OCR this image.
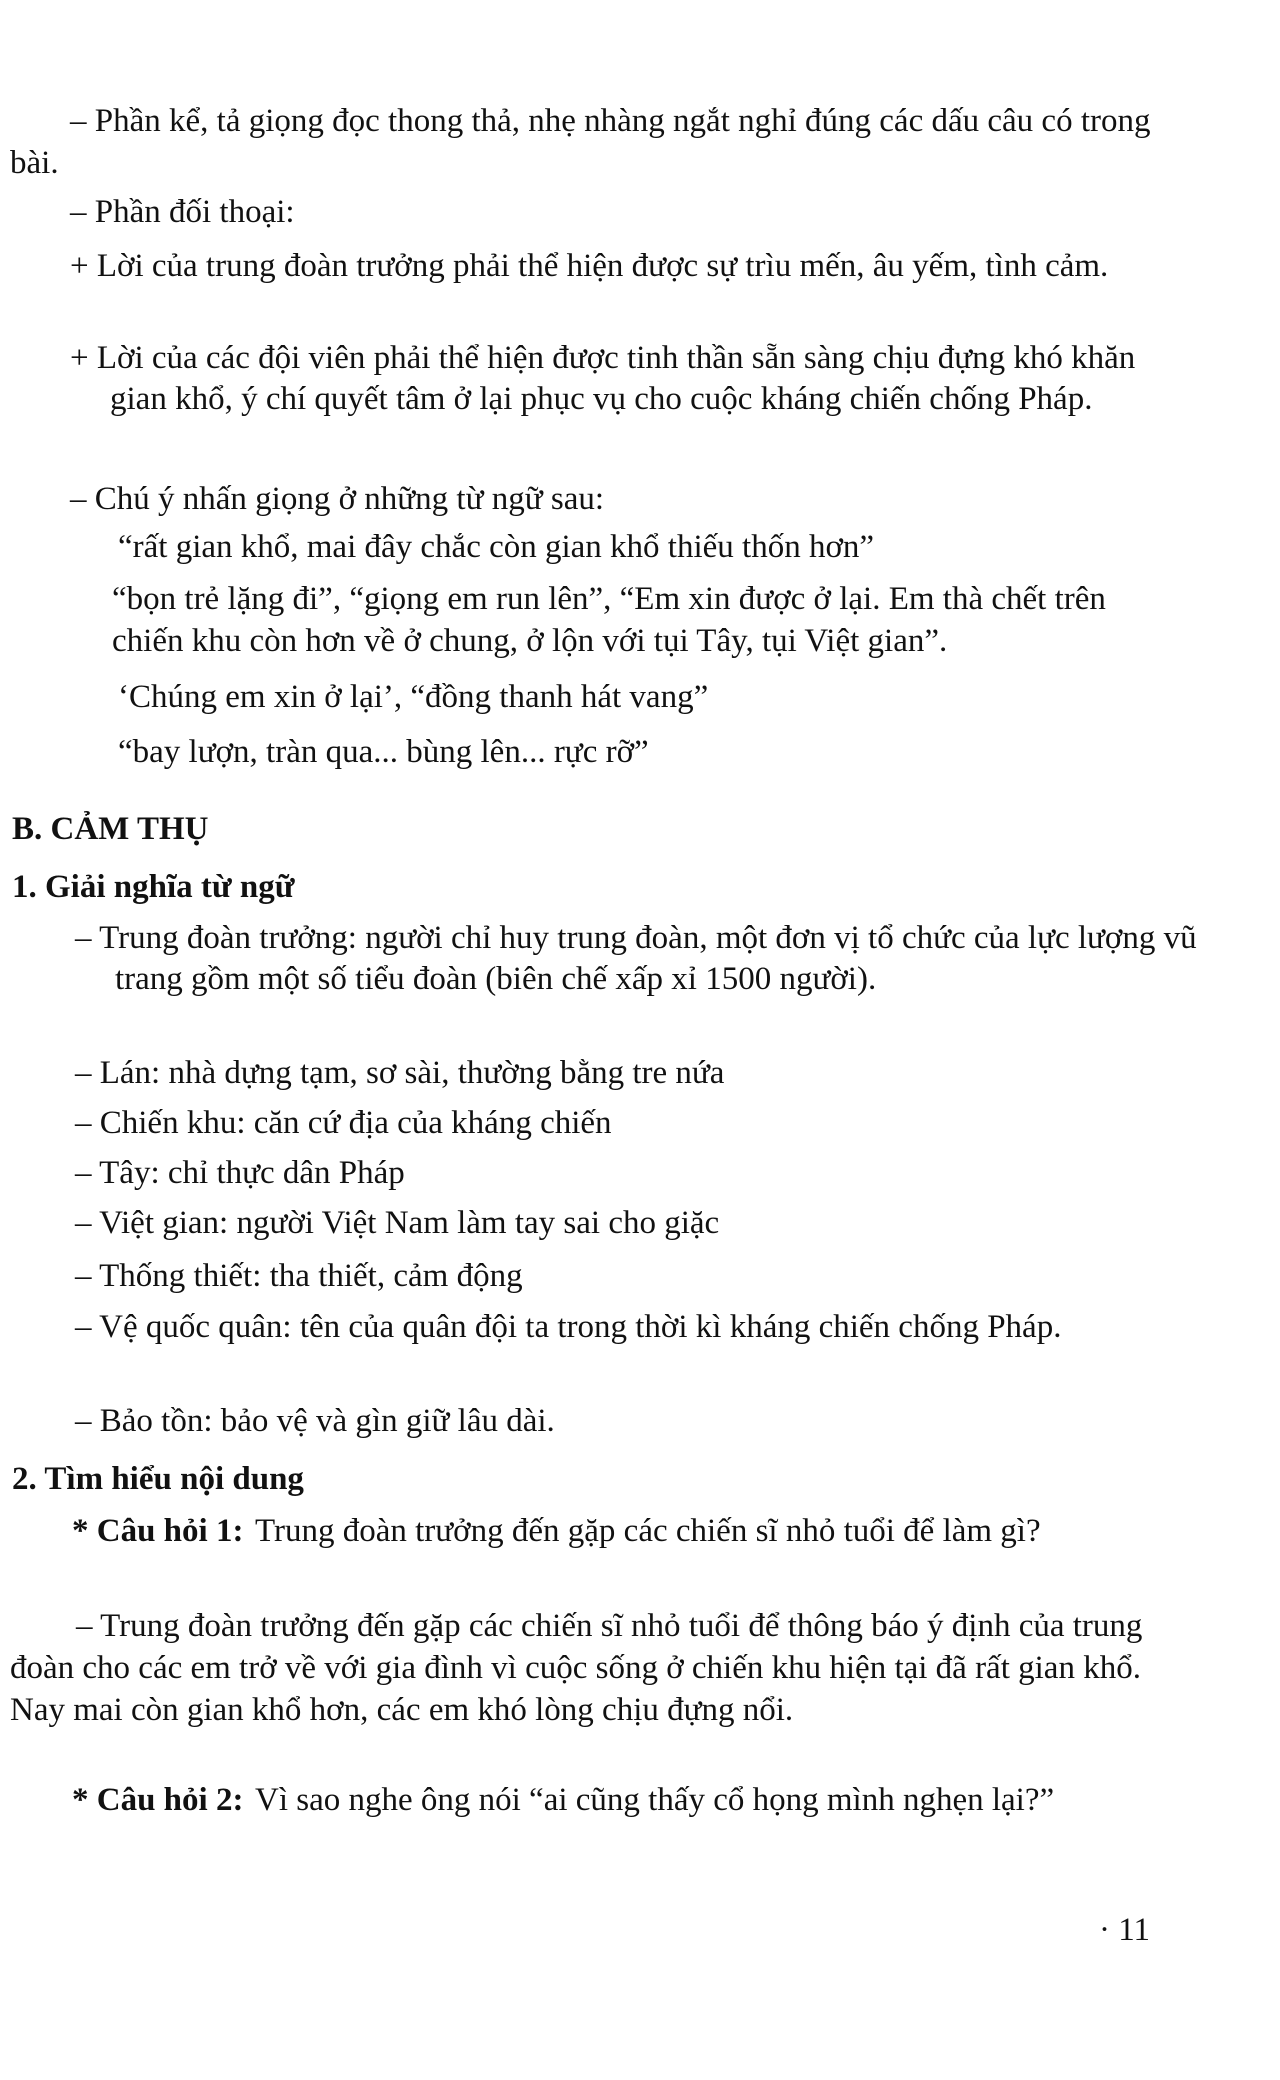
– Phần kể, tả giọng đọc thong thả, nhẹ nhàng ngắt nghỉ đúng các dấu câu có trong bài.

– Phần đối thoại:

+ Lời của trung đoàn trưởng phải thể hiện được sự trìu mến, âu yếm, tình cảm.

+ Lời của các đội viên phải thể hiện được tinh thần sẵn sàng chịu đựng khó khăn gian khổ, ý chí quyết tâm ở lại phục vụ cho cuộc kháng chiến chống Pháp.

– Chú ý nhấn giọng ở những từ ngữ sau:

“rất gian khổ, mai đây chắc còn gian khổ thiếu thốn hơn”

“bọn trẻ lặng đi”, “giọng em run lên”, “Em xin được ở lại. Em thà chết trên chiến khu còn hơn về ở chung, ở lộn với tụi Tây, tụi Việt gian”.

‘Chúng em xin ở lại’, “đồng thanh hát vang”

“bay lượn, tràn qua... bùng lên... rực rỡ”

B. CẢM THỤ

1. Giải nghĩa từ ngữ

– Trung đoàn trưởng: người chỉ huy trung đoàn, một đơn vị tổ chức của lực lượng vũ trang gồm một số tiểu đoàn (biên chế xấp xỉ 1500 người).

– Lán: nhà dựng tạm, sơ sài, thường bằng tre nứa

– Chiến khu: căn cứ địa của kháng chiến

– Tây: chỉ thực dân Pháp

– Việt gian: người Việt Nam làm tay sai cho giặc

– Thống thiết: tha thiết, cảm động

– Vệ quốc quân: tên của quân đội ta trong thời kì kháng chiến chống Pháp.

– Bảo tồn: bảo vệ và gìn giữ lâu dài.

2. Tìm hiểu nội dung

* Câu hỏi 1: Trung đoàn trưởng đến gặp các chiến sĩ nhỏ tuổi để làm gì?

– Trung đoàn trưởng đến gặp các chiến sĩ nhỏ tuổi để thông báo ý định của trung đoàn cho các em trở về với gia đình vì cuộc sống ở chiến khu hiện tại đã rất gian khổ. Nay mai còn gian khổ hơn, các em khó lòng chịu đựng nổi.

* Câu hỏi 2: Vì sao nghe ông nói “ai cũng thấy cổ họng mình nghẹn lại?”

· 11
